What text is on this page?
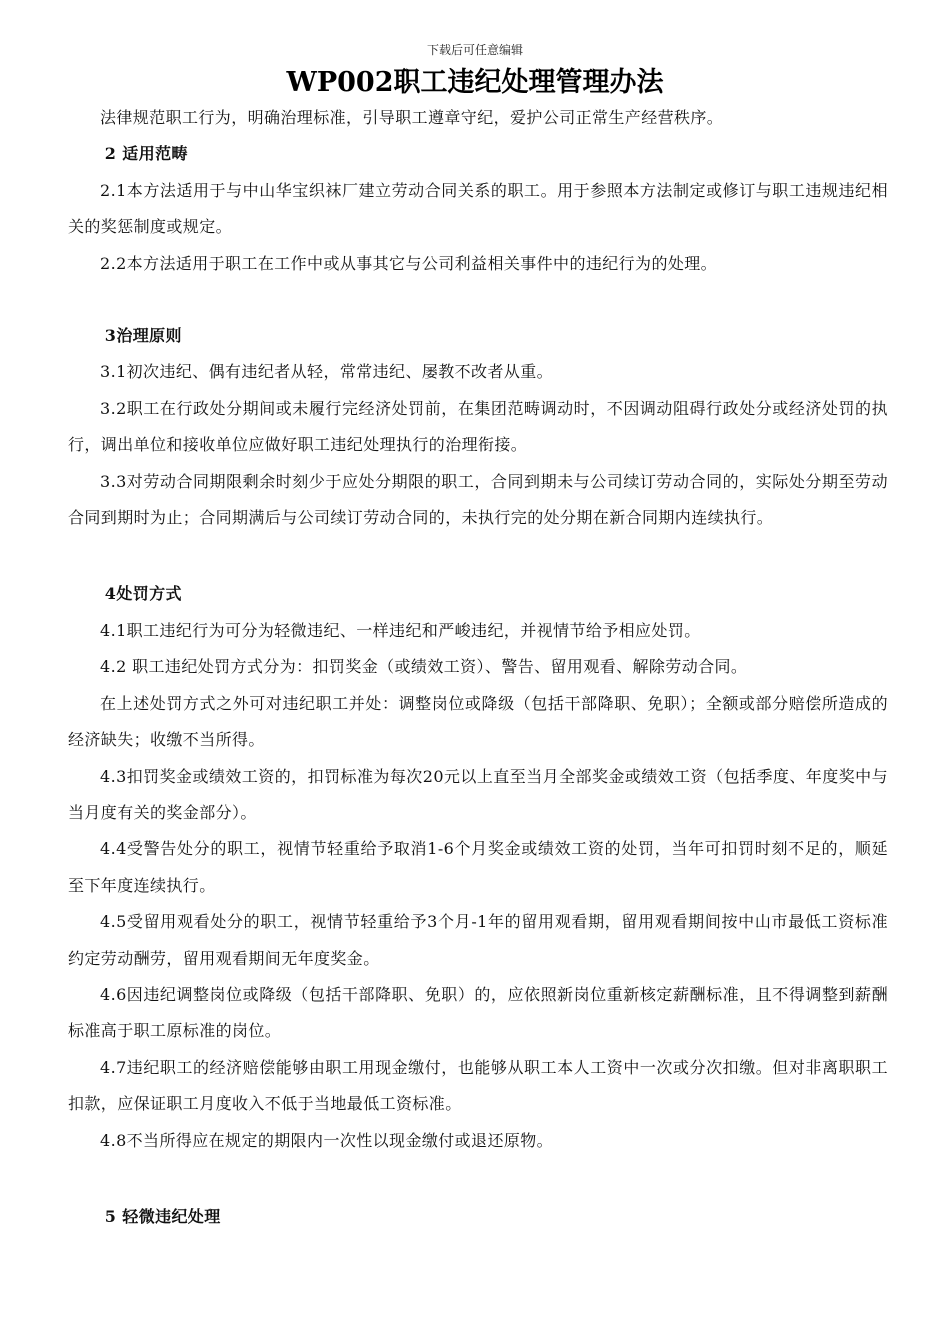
下载后可任意编辑
WP002职工违纪处理管理办法

法律规范职工行为，明确治理标准，引导职工遵章守纪，爱护公司正常生产经营秩序。

2 适用范畴

2.1本方法适用于与中山华宝织袜厂建立劳动合同关系的职工。用于参照本方法制定或修订与职工违规违纪相关的奖惩制度或规定。

2.2本方法适用于职工在工作中或从事其它与公司利益相关事件中的违纪行为的处理。

3治理原则

3.1初次违纪、偶有违纪者从轻，常常违纪、屡教不改者从重。

3.2职工在行政处分期间或未履行完经济处罚前，在集团范畴调动时，不因调动阻碍行政处分或经济处罚的执行，调出单位和接收单位应做好职工违纪处理执行的治理衔接。

3.3对劳动合同期限剩余时刻少于应处分期限的职工，合同到期未与公司续订劳动合同的，实际处分期至劳动合同到期时为止；合同期满后与公司续订劳动合同的，未执行完的处分期在新合同期内连续执行。

4处罚方式

4.1职工违纪行为可分为轻微违纪、一样违纪和严峻违纪，并视情节给予相应处罚。

4.2 职工违纪处罚方式分为：扣罚奖金（或绩效工资）、警告、留用观看、解除劳动合同。

在上述处罚方式之外可对违纪职工并处：调整岗位或降级（包括干部降职、免职）；全额或部分赔偿所造成的经济缺失；收缴不当所得。

4.3扣罚奖金或绩效工资的，扣罚标准为每次20元以上直至当月全部奖金或绩效工资（包括季度、年度奖中与当月度有关的奖金部分）。

4.4受警告处分的职工，视情节轻重给予取消1-6个月奖金或绩效工资的处罚，当年可扣罚时刻不足的，顺延至下年度连续执行。

4.5受留用观看处分的职工，视情节轻重给予3个月-1年的留用观看期，留用观看期间按中山市最低工资标准约定劳动酬劳，留用观看期间无年度奖金。

4.6因违纪调整岗位或降级（包括干部降职、免职）的，应依照新岗位重新核定薪酬标准，且不得调整到薪酬标准高于职工原标准的岗位。

4.7违纪职工的经济赔偿能够由职工用现金缴付，也能够从职工本人工资中一次或分次扣缴。但对非离职职工扣款，应保证职工月度收入不低于当地最低工资标准。

4.8不当所得应在规定的期限内一次性以现金缴付或退还原物。

5 轻微违纪处理
